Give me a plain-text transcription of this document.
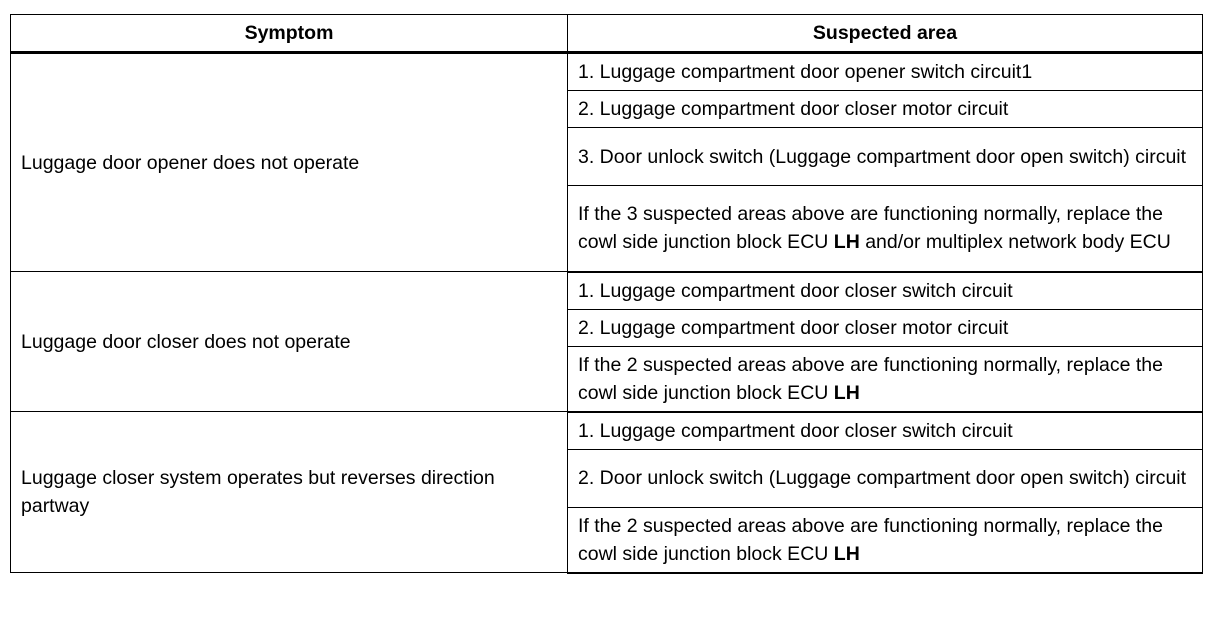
Symptom	Suspected area
Luggage door opener does not operate	1. Luggage compartment door opener switch circuit1
	2. Luggage compartment door closer motor circuit
	3. Door unlock switch (Luggage compartment door open switch) circuit
	If the 3 suspected areas above are functioning normally, replace the cowl side junction block ECU LH and/or multiplex network body ECU
Luggage door closer does not operate	1. Luggage compartment door closer switch circuit
	2. Luggage compartment door closer motor circuit
	If the 2 suspected areas above are functioning normally, replace the cowl side junction block ECU LH
Luggage closer system operates but reverses direction partway	1. Luggage compartment door closer switch circuit
	2. Door unlock switch (Luggage compartment door open switch) circuit
	If the 2 suspected areas above are functioning normally, replace the cowl side junction block ECU LH
